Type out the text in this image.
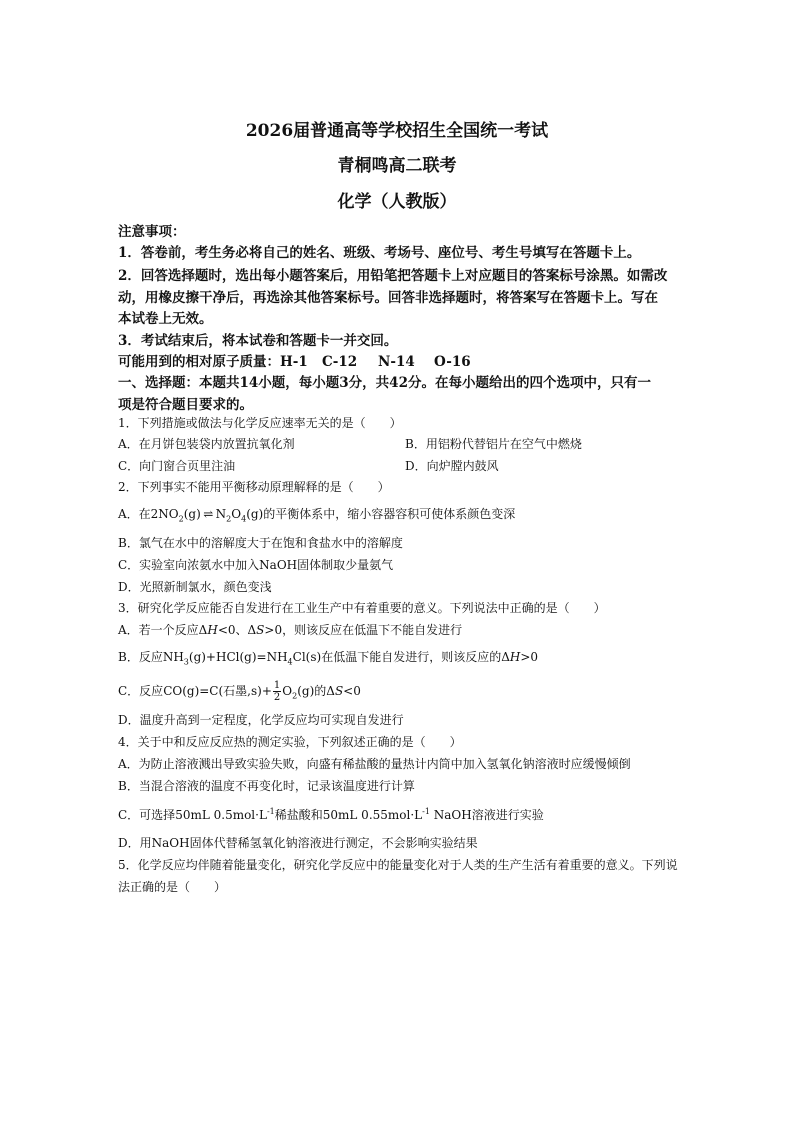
2026届普通高等学校招生全国统一考试
青桐鸣高二联考
化学（人教版）
注意事项：
1．答卷前，考生务必将自己的姓名、班级、考场号、座位号、考生号填写在答题卡上。
2．回答选择题时，选出每小题答案后，用铅笔把答题卡上对应题目的答案标号涂黑。如需改
动，用橡皮擦干净后，再选涂其他答案标号。回答非选择题时，将答案写在答题卡上。写在
本试卷上无效。
3．考试结束后，将本试卷和答题卡一并交回。
可能用到的相对原子质量：H-1 C-12 N-14 O-16
一、选择题：本题共14小题，每小题3分，共42分。在每小题给出的四个选项中，只有一
项是符合题目要求的。
1．下列措施或做法与化学反应速率无关的是（　　）
A．在月饼包装袋内放置抗氧化剂	B．用铝粉代替铝片在空气中燃烧
C．向门窗合页里注油	D．向炉膛内鼓风
2．下列事实不能用平衡移动原理解释的是（　　）
A．在$2NO_2(g)$ ⇌ $N_2O_4(g)$的平衡体系中，缩小容器容积可使体系颜色变深
B．氯气在水中的溶解度大于在饱和食盐水中的溶解度
C．实验室向浓氨水中加入NaOH固体制取少量氨气
D．光照新制氯水，颜色变浅
3．研究化学反应能否自发进行在工业生产中有着重要的意义。下列说法中正确的是（　　）
A．若一个反应ΔH<0、ΔS>0，则该反应在低温下不能自发进行
B．反应$NH_3(g)+HCl(g)=NH_4Cl(s)$在低温下能自发进行，则该反应的ΔH>0
C．反应CO(g)=C(石墨$,s)+ \frac{1}{2} O_2(g)$的ΔS<0
D．温度升高到一定程度，化学反应均可实现自发进行
4．关于中和反应反应热的测定实验，下列叙述正确的是（　　）
A．为防止溶液溅出导致实验失败，向盛有稀盐酸的量热计内筒中加入氢氧化钠溶液时应缓慢倾倒
B．当混合溶液的温度不再变化时，记录该温度进行计算
C．可选择50mL $0.5mol\cdot L^{-1}$稀盐酸和50mL $0.55mol\cdot L^{-1}$ NaOH溶液进行实验
D．用NaOH固体代替稀氢氧化钠溶液进行测定，不会影响实验结果
5．化学反应均伴随着能量变化，研究化学反应中的能量变化对于人类的生产生活有着重要的意义。下列说
法正确的是（　　）
